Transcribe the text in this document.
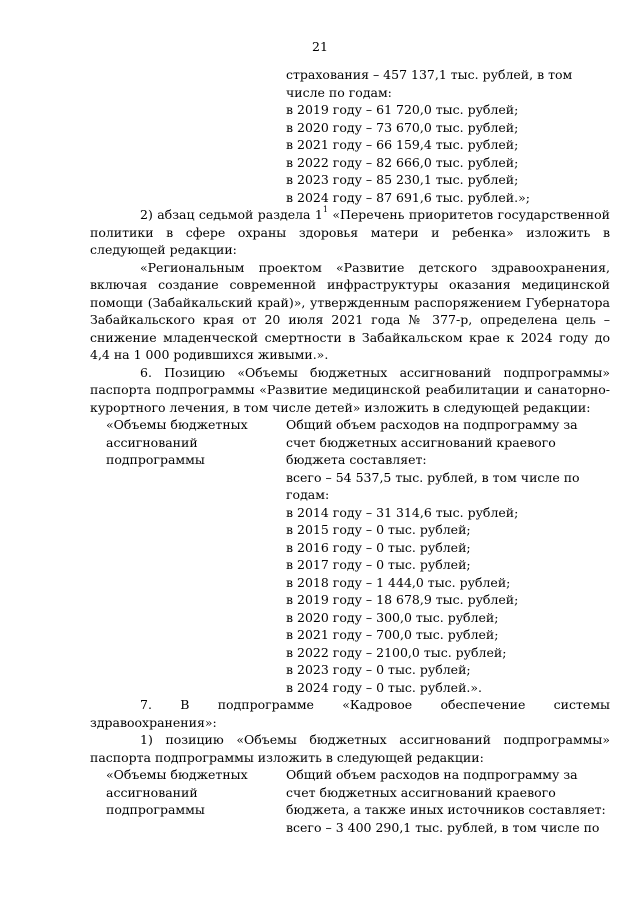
21
страхования – 457 137,1 тыс. рублей, в том
числе по годам:
в 2019 году – 61 720,0 тыс. рублей;
в 2020 году – 73 670,0 тыс. рублей;
в 2021 году – 66 159,4 тыс. рублей;
в 2022 году – 82 666,0 тыс. рублей;
в 2023 году – 85 230,1 тыс. рублей;
в 2024 году – 87 691,6 тыс. рублей.»;

2) абзац седьмой раздела $1^1$ «Перечень приоритетов государственной политики в сфере охраны здоровья матери и ребенка» изложить в следующей редакции:

«Региональным проектом «Развитие детского здравоохранения, включая создание современной инфраструктуры оказания медицинской помощи (Забайкальский край)», утвержденным распоряжением Губернатора Забайкальского края от 20 июля 2021 года № 377-р, определена цель – снижение младенческой смертности в Забайкальском крае к 2024 году до 4,4 на 1 000 родившихся живыми.».

6. Позицию «Объемы бюджетных ассигнований подпрограммы» паспорта подпрограммы «Развитие медицинской реабилитации и санаторно-курортного лечения, в том числе детей» изложить в следующей редакции:

«Объемы бюджетных
ассигнований
подпрограммы
Общий объем расходов на подпрограмму за
счет бюджетных ассигнований краевого
бюджета составляет:
всего – 54 537,5 тыс. рублей, в том числе по
годам:
в 2014 году – 31 314,6 тыс. рублей;
в 2015 году – 0 тыс. рублей;
в 2016 году – 0 тыс. рублей;
в 2017 году – 0 тыс. рублей;
в 2018 году – 1 444,0 тыс. рублей;
в 2019 году – 18 678,9 тыс. рублей;
в 2020 году – 300,0 тыс. рублей;
в 2021 году – 700,0 тыс. рублей;
в 2022 году – 2100,0 тыс. рублей;
в 2023 году – 0 тыс. рублей;
в 2024 году – 0 тыс. рублей.».
7. В подпрограмме «Кадровое обеспечение системы

здравоохранения»:

1) позицию «Объемы бюджетных ассигнований подпрограммы» паспорта подпрограммы изложить в следующей редакции:

«Объемы бюджетных
ассигнований
подпрограммы
Общий объем расходов на подпрограмму за
счет бюджетных ассигнований краевого
бюджета, а также иных источников составляет:
всего – 3 400 290,1 тыс. рублей, в том числе по
